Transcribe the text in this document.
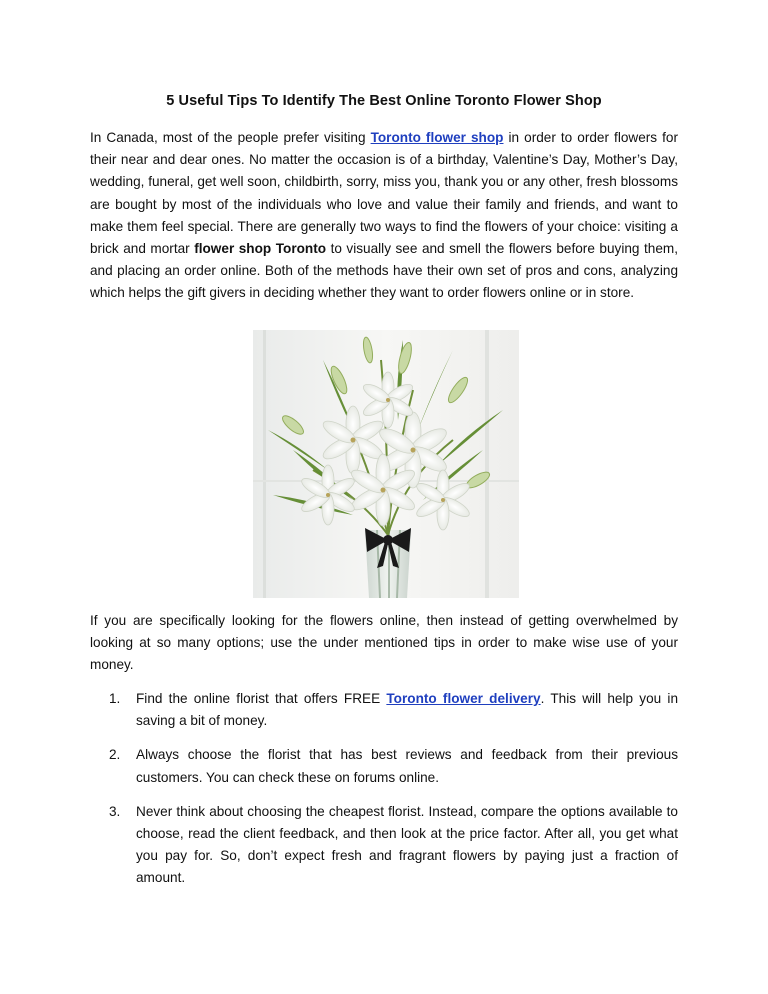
5 Useful Tips To Identify The Best Online Toronto Flower Shop

In Canada, most of the people prefer visiting Toronto flower shop in order to order flowers for their near and dear ones. No matter the occasion is of a birthday, Valentine’s Day, Mother’s Day, wedding, funeral, get well soon, childbirth, sorry, miss you, thank you or any other, fresh blossoms are bought by most of the individuals who love and value their family and friends, and want to make them feel special. There are generally two ways to find the flowers of your choice: visiting a brick and mortar flower shop Toronto to visually see and smell the flowers before buying them, and placing an order online. Both of the methods have their own set of pros and cons, analyzing which helps the gift givers in deciding whether they want to order flowers online or in store.

If you are specifically looking for the flowers online, then instead of getting overwhelmed by looking at so many options; use the under mentioned tips in order to make wise use of your money.

1. Find the online florist that offers FREE Toronto flower delivery. This will help you in saving a bit of money.
2. Always choose the florist that has best reviews and feedback from their previous customers. You can check these on forums online.
3. Never think about choosing the cheapest florist. Instead, compare the options available to choose, read the client feedback, and then look at the price factor. After all, you get what you pay for. So, don’t expect fresh and fragrant flowers by paying just a fraction of amount.
